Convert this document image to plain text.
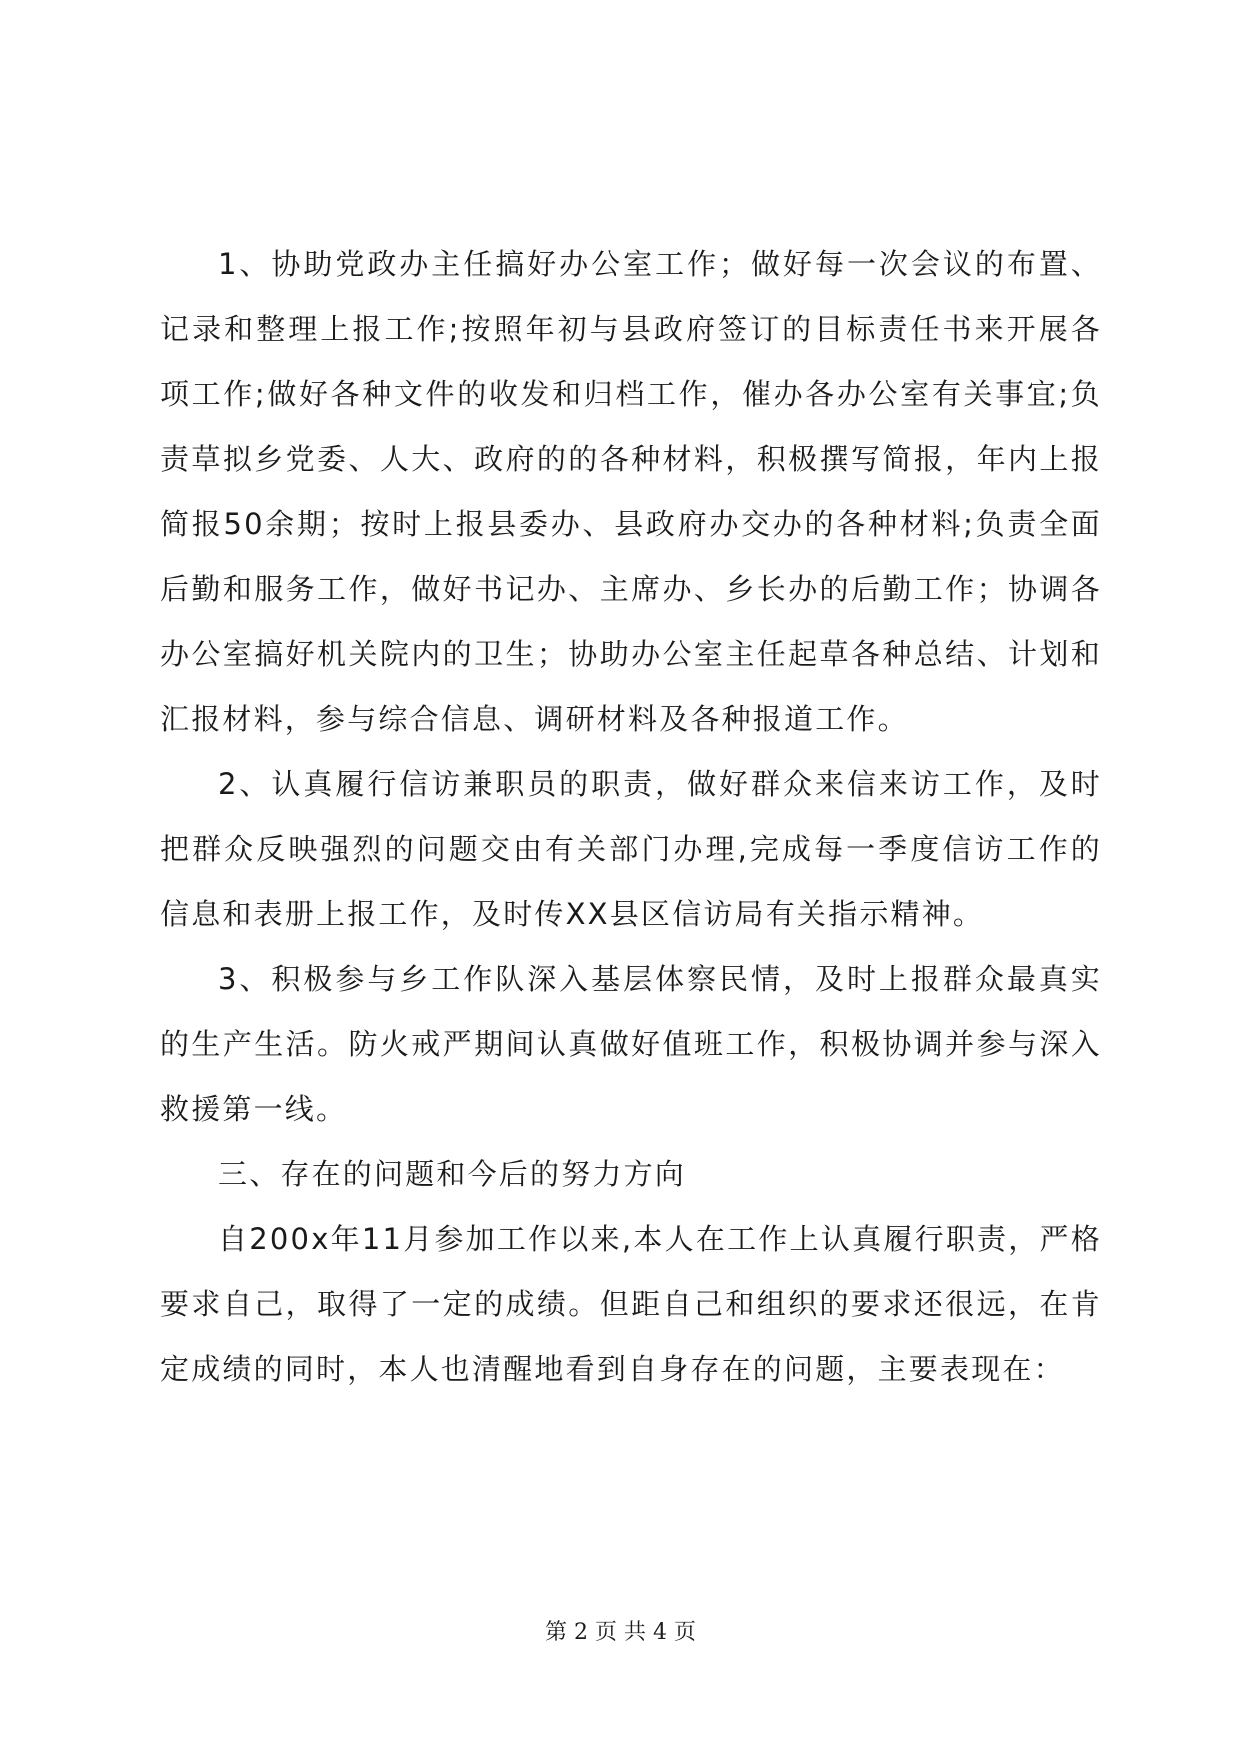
1、协助党政办主任搞好办公室工作；做好每一次会议的布置、记录和整理上报工作;按照年初与县政府签订的目标责任书来开展各项工作;做好各种文件的收发和归档工作，催办各办公室有关事宜;负责草拟乡党委、人大、政府的的各种材料，积极撰写简报，年内上报简报50余期；按时上报县委办、县政府办交办的各种材料;负责全面后勤和服务工作，做好书记办、主席办、乡长办的后勤工作；协调各办公室搞好机关院内的卫生；协助办公室主任起草各种总结、计划和汇报材料，参与综合信息、调研材料及各种报道工作。

2、认真履行信访兼职员的职责，做好群众来信来访工作，及时把群众反映强烈的问题交由有关部门办理,完成每一季度信访工作的信息和表册上报工作，及时传XX县区信访局有关指示精神。

3、积极参与乡工作队深入基层体察民情，及时上报群众最真实的生产生活。防火戒严期间认真做好值班工作，积极协调并参与深入救援第一线。

三、存在的问题和今后的努力方向

自200x年11月参加工作以来,本人在工作上认真履行职责，严格要求自己，取得了一定的成绩。但距自己和组织的要求还很远，在肯定成绩的同时，本人也清醒地看到自身存在的问题，主要表现在：

第 2 页 共 4 页
